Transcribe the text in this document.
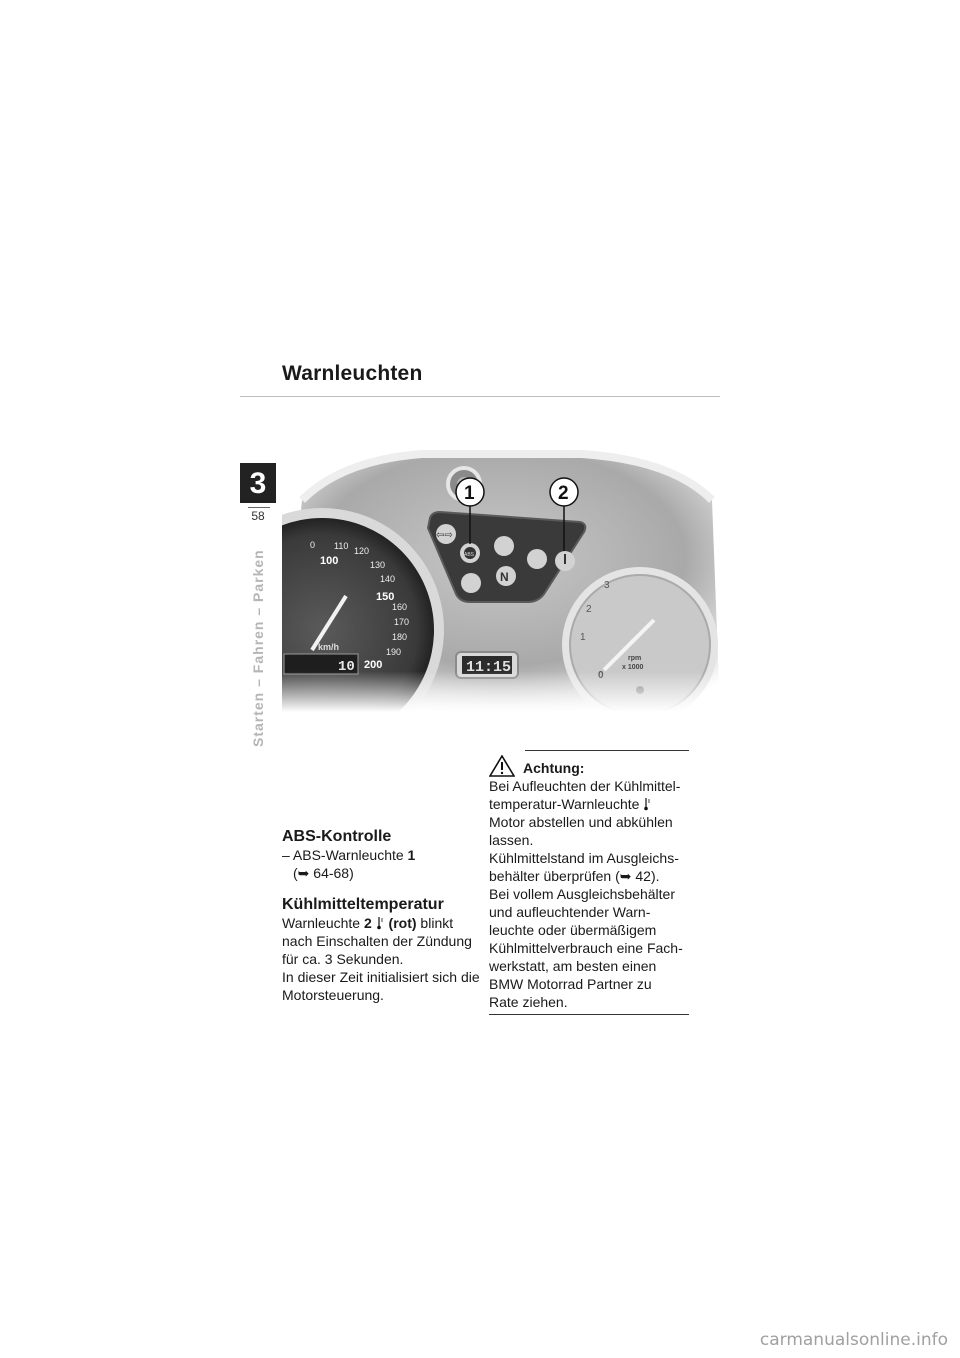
Warnleuchten
3
58
Starten – Fahren – Parken
ABS-Kontrolle
– ABS-Warnleuchte 1
(➥ 64-68)
Kühlmitteltemperatur
Warnleuchte 2 (rot) blinkt
nach Einschalten der Zündung
für ca. 3 Sekunden.
In dieser Zeit initialisiert sich die
Motorsteuerung.
Achtung:
Bei Aufleuchten der Kühlmittel-
temperatur-Warnleuchte
Motor abstellen und abkühlen
lassen.
Kühlmittelstand im Ausgleichs-
behälter überprüfen (➥ 42).
Bei vollem Ausgleichsbehälter
und aufleuchtender Warn-
leuchte oder übermäßigem
Kühlmittelverbrauch eine Fach-
werkstatt, am besten einen
BMW Motorrad Partner zu
Rate ziehen.
carmanualsonline.info
